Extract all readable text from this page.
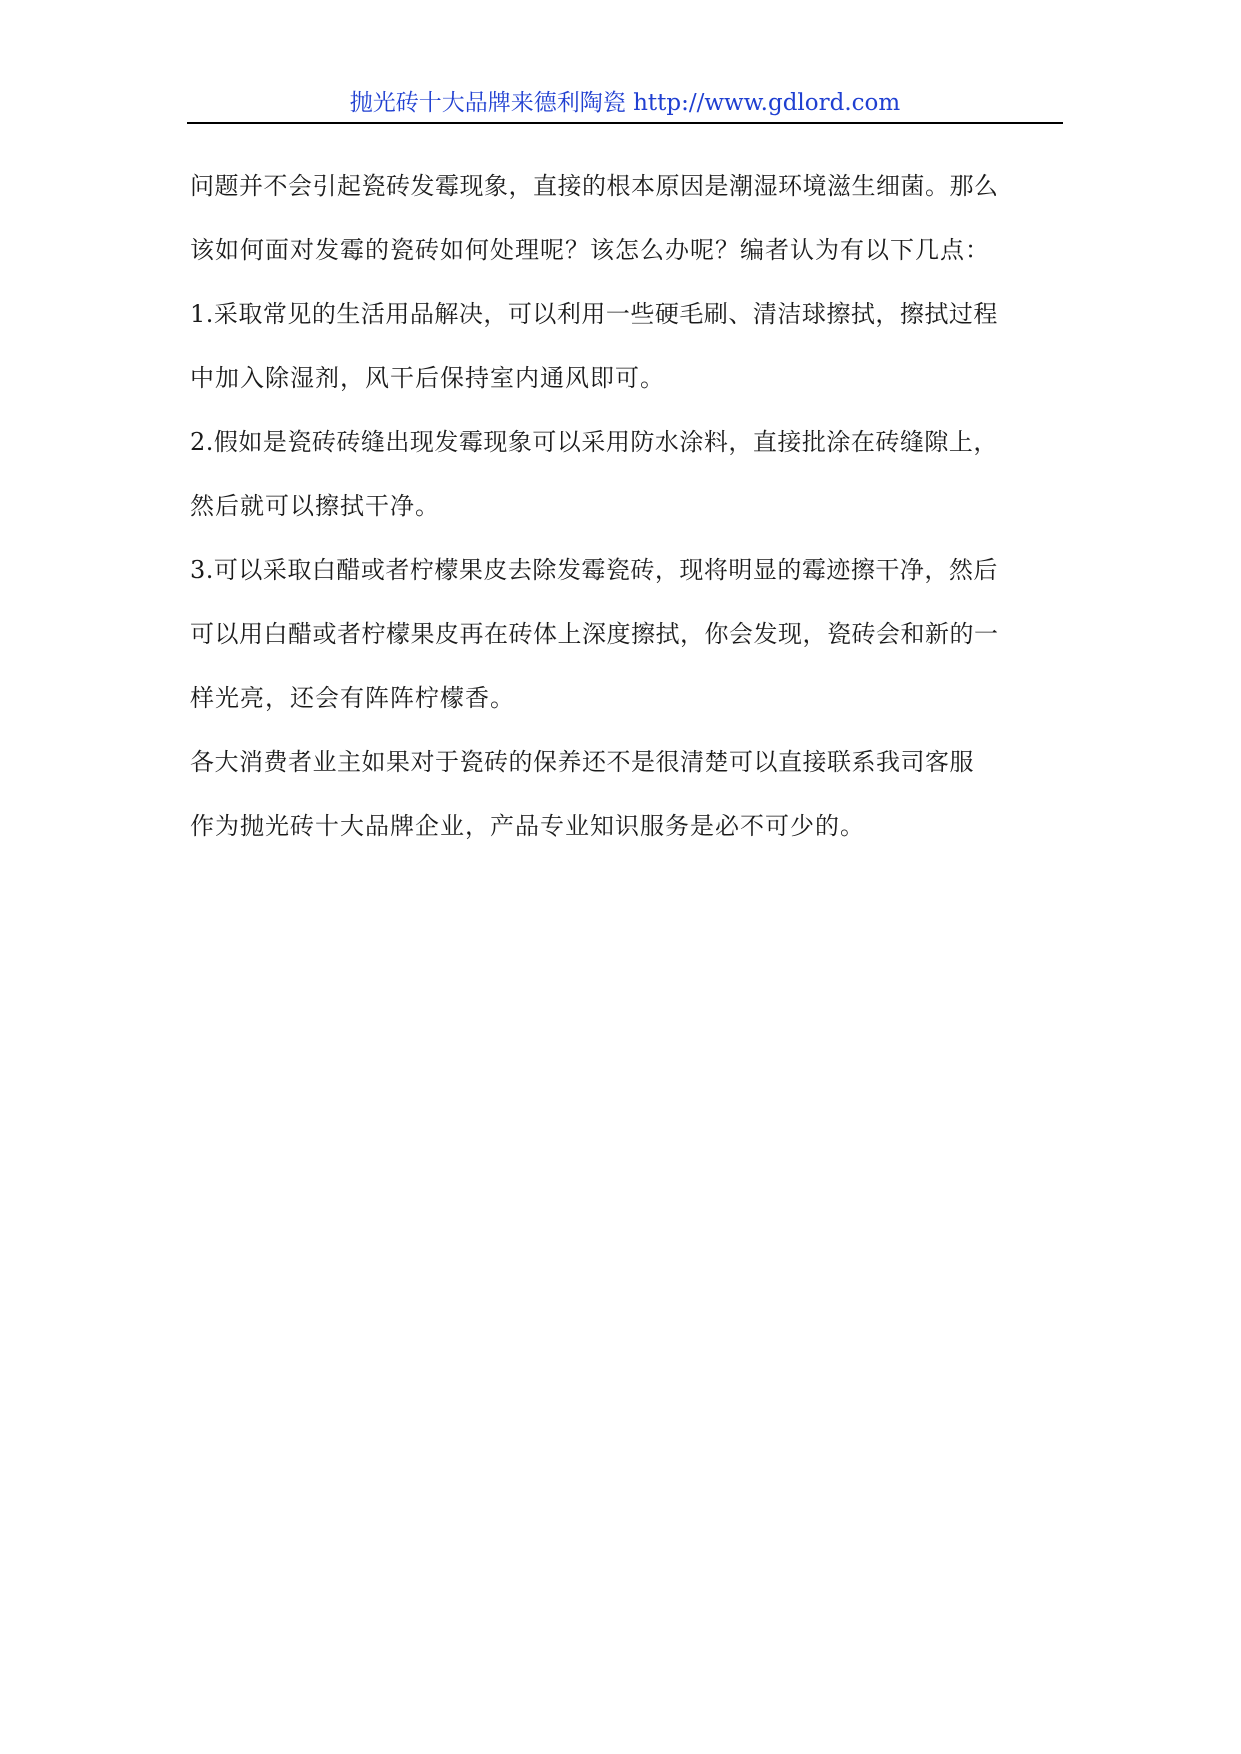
抛光砖十大品牌来德利陶瓷 http://www.gdlord.com

问题并不会引起瓷砖发霉现象，直接的根本原因是潮湿环境滋生细菌。那么

该如何面对发霉的瓷砖如何处理呢？该怎么办呢？编者认为有以下几点：

1.采取常见的生活用品解决，可以利用一些硬毛刷、清洁球擦拭，擦拭过程

中加入除湿剂，风干后保持室内通风即可。

2.假如是瓷砖砖缝出现发霉现象可以采用防水涂料，直接批涂在砖缝隙上，

然后就可以擦拭干净。

3.可以采取白醋或者柠檬果皮去除发霉瓷砖，现将明显的霉迹擦干净，然后

可以用白醋或者柠檬果皮再在砖体上深度擦拭，你会发现，瓷砖会和新的一

样光亮，还会有阵阵柠檬香。

各大消费者业主如果对于瓷砖的保养还不是很清楚可以直接联系我司客服

作为抛光砖十大品牌企业，产品专业知识服务是必不可少的。
